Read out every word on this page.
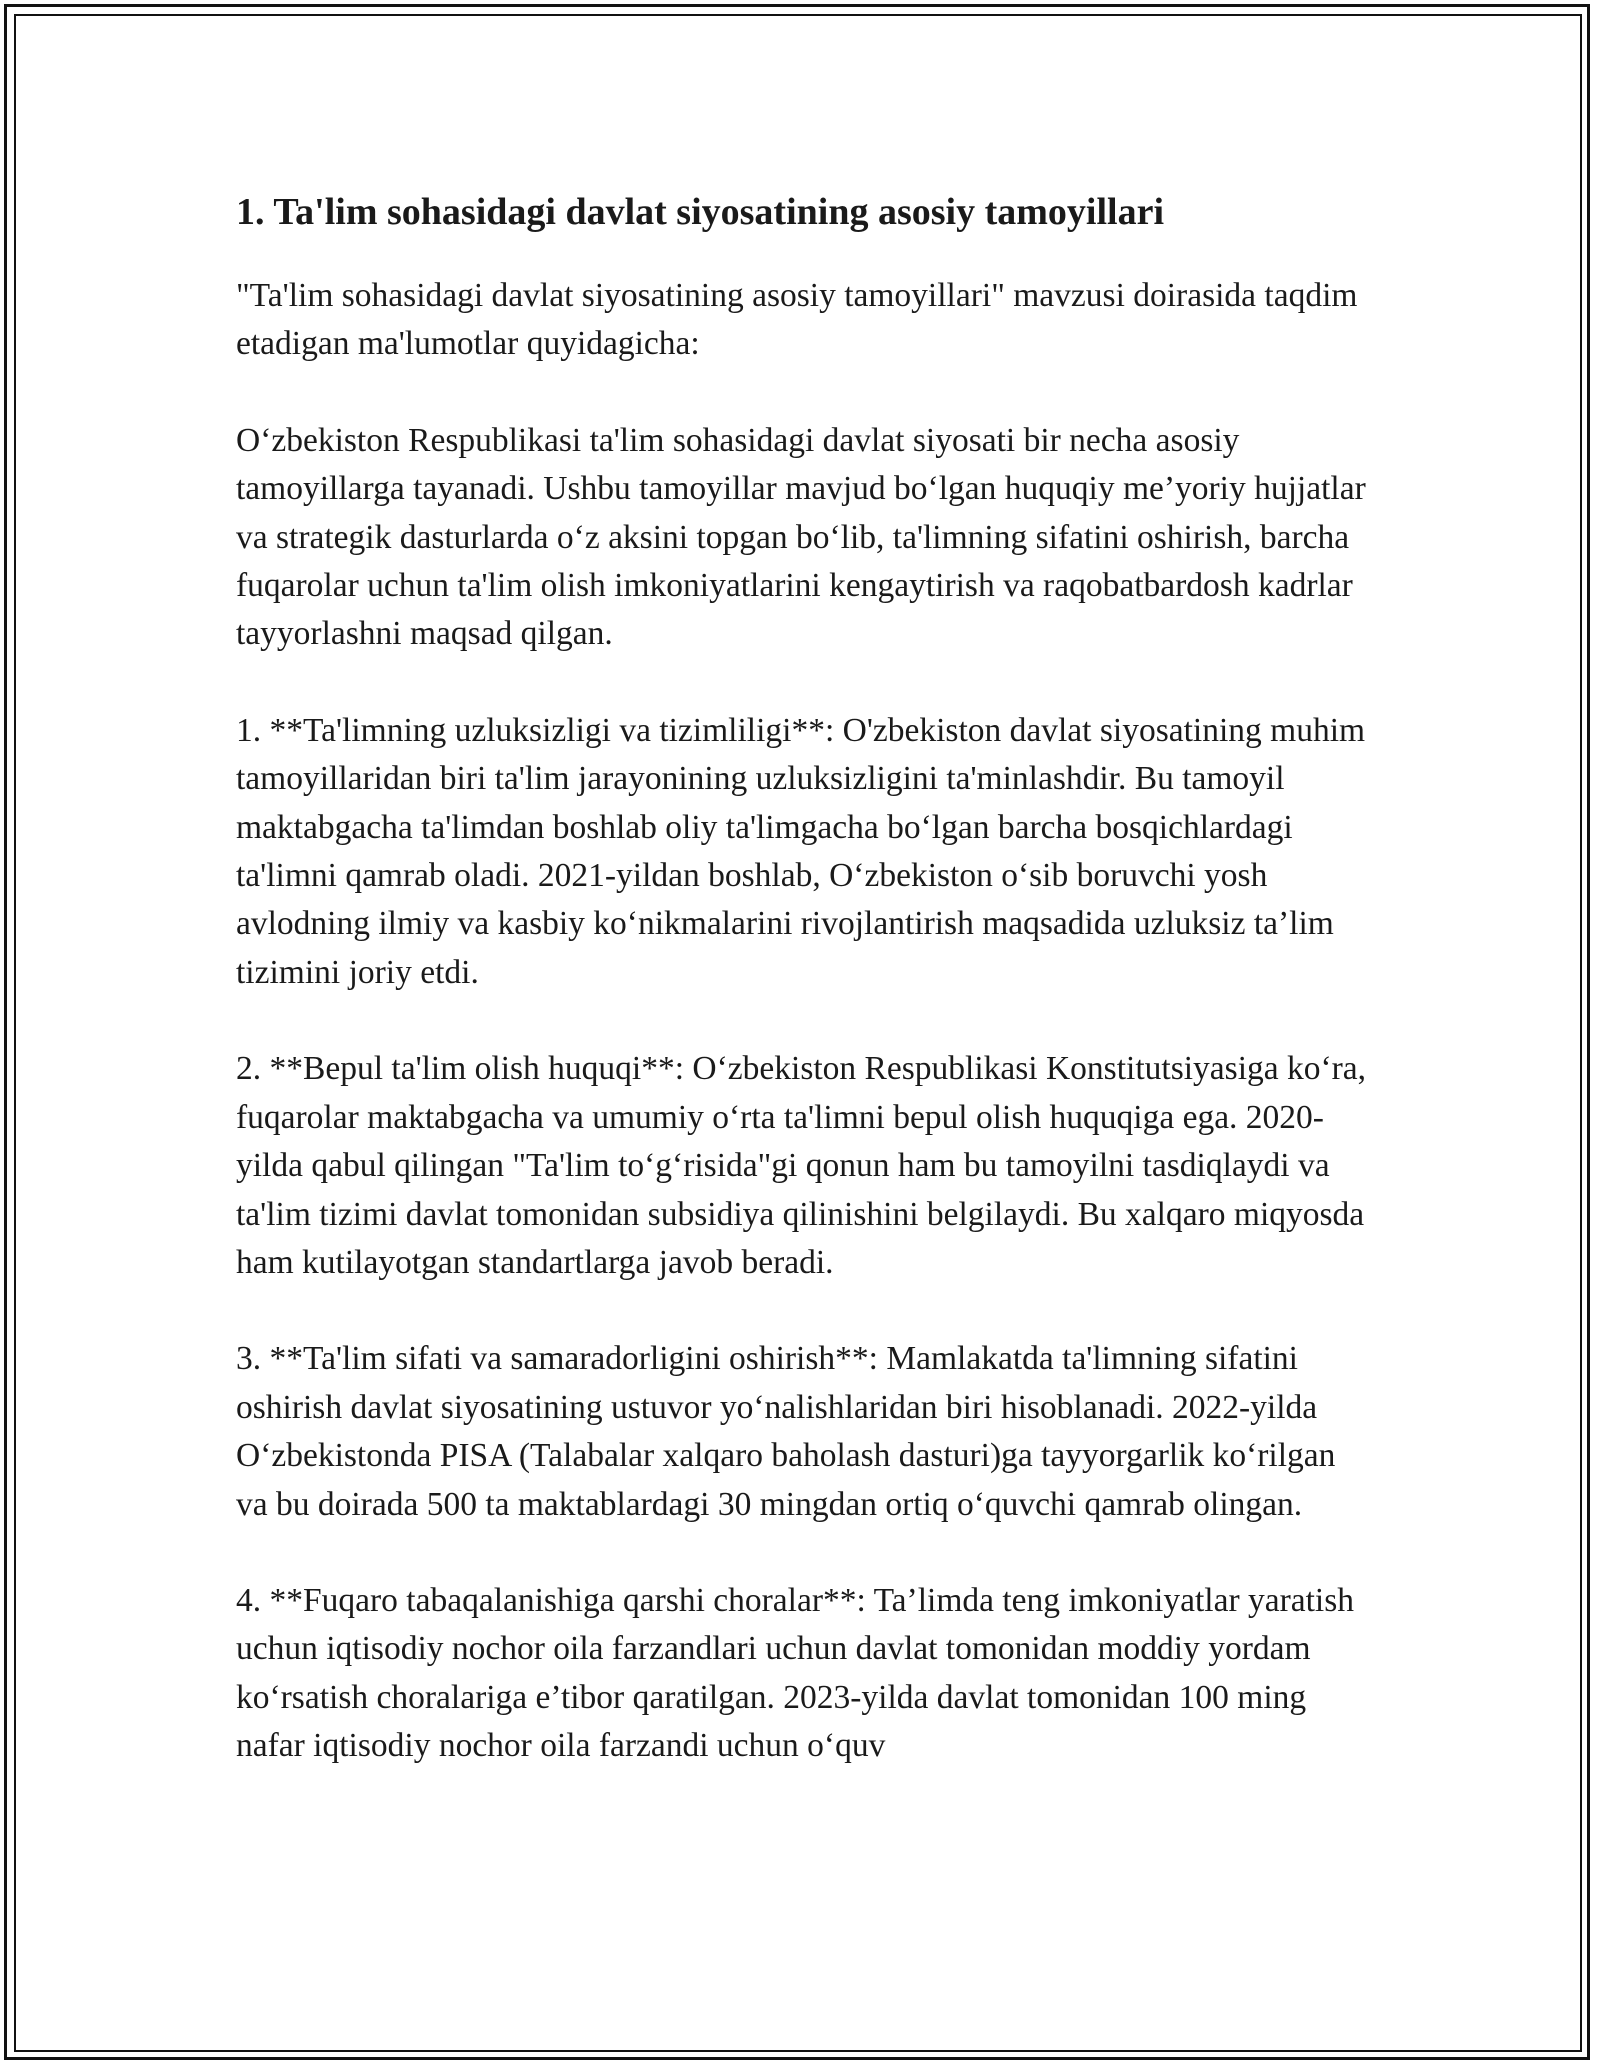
1. Ta'lim sohasidagi davlat siyosatining asosiy tamoyillari

"Ta'lim sohasidagi davlat siyosatining asosiy tamoyillari" mavzusi doirasida taqdim etadigan ma'lumotlar quyidagicha:

O‘zbekiston Respublikasi ta'lim sohasidagi davlat siyosati bir necha asosiy tamoyillarga tayanadi. Ushbu tamoyillar mavjud bo‘lgan huquqiy me’yoriy hujjatlar va strategik dasturlarda o‘z aksini topgan bo‘lib, ta'limning sifatini oshirish, barcha fuqarolar uchun ta'lim olish imkoniyatlarini kengaytirish va raqobatbardosh kadrlar tayyorlashni maqsad qilgan.

1. **Ta'limning uzluksizligi va tizimliligi**: O'zbekiston davlat siyosatining muhim tamoyillaridan biri ta'lim jarayonining uzluksizligini ta'minlashdir. Bu tamoyil maktabgacha ta'limdan boshlab oliy ta'limgacha bo‘lgan barcha bosqichlardagi ta'limni qamrab oladi. 2021-yildan boshlab, O‘zbekiston o‘sib boruvchi yosh avlodning ilmiy va kasbiy ko‘nikmalarini rivojlantirish maqsadida uzluksiz ta’lim tizimini joriy etdi.

2. **Bepul ta'lim olish huquqi**: O‘zbekiston Respublikasi Konstitutsiyasiga ko‘ra, fuqarolar maktabgacha va umumiy o‘rta ta'limni bepul olish huquqiga ega. 2020-yilda qabul qilingan "Ta'lim to‘g‘risida"gi qonun ham bu tamoyilni tasdiqlaydi va ta'lim tizimi davlat tomonidan subsidiya qilinishini belgilaydi. Bu xalqaro miqyosda ham kutilayotgan standartlarga javob beradi.

3. **Ta'lim sifati va samaradorligini oshirish**: Mamlakatda ta'limning sifatini oshirish davlat siyosatining ustuvor yo‘nalishlaridan biri hisoblanadi. 2022-yilda O‘zbekistonda PISA (Talabalar xalqaro baholash dasturi)ga tayyorgarlik ko‘rilgan va bu doirada 500 ta maktablardagi 30 mingdan ortiq o‘quvchi qamrab olingan.

4. **Fuqaro tabaqalanishiga qarshi choralar**: Ta’limda teng imkoniyatlar yaratish uchun iqtisodiy nochor oila farzandlari uchun davlat tomonidan moddiy yordam ko‘rsatish choralariga e’tibor qaratilgan. 2023-yilda davlat tomonidan 100 ming nafar iqtisodiy nochor oila farzandi uchun o‘quv
